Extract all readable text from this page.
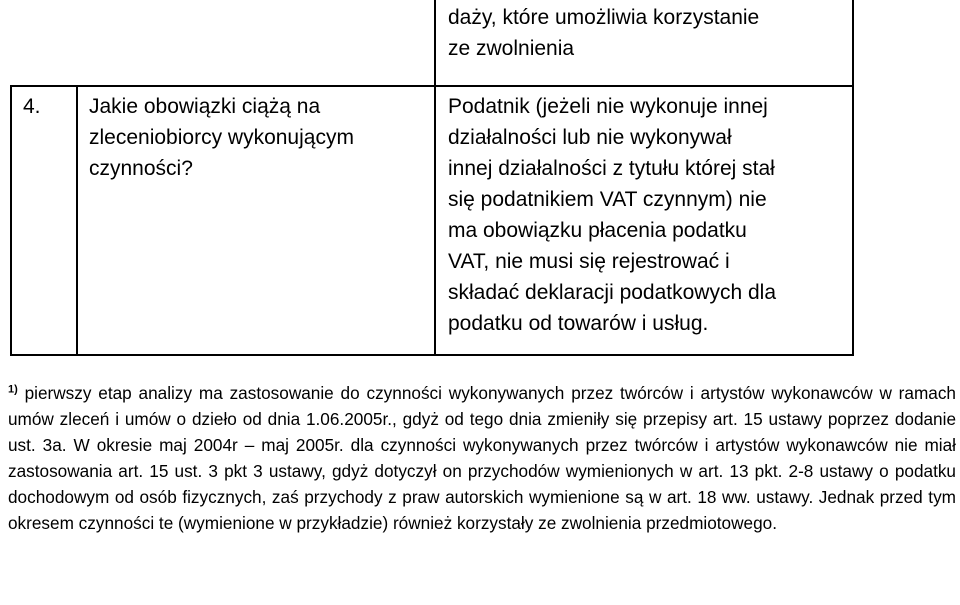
daży, które umożliwia korzystanie
ze zwolnienia
4. Jakie obowiązki ciążą na
zleceniobiorcy wykonującym
czynności?
Podatnik (jeżeli nie wykonuje innej
działalności lub nie wykonywał
innej działalności z tytułu której stał
się podatnikiem VAT czynnym) nie
ma obowiązku płacenia podatku
VAT, nie musi się rejestrować i
składać deklaracji podatkowych dla
podatku od towarów i usług.
$^{1)}$ pierwszy etap analizy ma zastosowanie do czynności wykonywanych przez twórców i artystów wykonawców w ramach umów zleceń i umów o dzieło od dnia 1.06.2005r., gdyż od tego dnia zmieniły się przepisy art. 15 ustawy poprzez dodanie ust. 3a. W okresie maj 2004r – maj 2005r. dla czynności wykonywanych przez twórców i artystów wykonawców nie miał zastosowania art. 15 ust. 3 pkt 3 ustawy, gdyż dotyczył on przychodów wymienionych w art. 13 pkt. 2-8 ustawy o podatku dochodowym od osób fizycznych, zaś przychody z praw autorskich wymienione są w art. 18 ww. ustawy. Jednak przed tym okresem czynności te (wymienione w przykładzie) również korzystały ze zwolnienia przedmiotowego.
